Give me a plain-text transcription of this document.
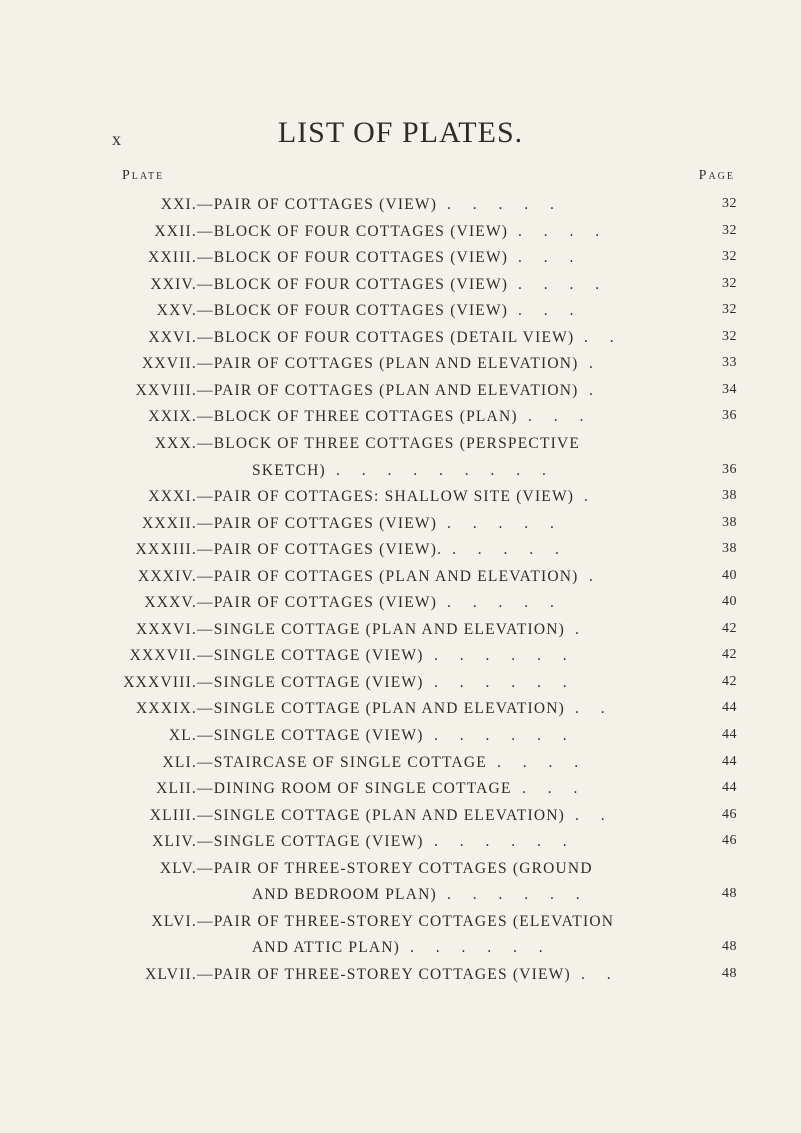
x	LIST OF PLATES.
Plate	Page
XXI. —PAIR OF COTTAGES (VIEW) . . . . .	32
XXII. —BLOCK OF FOUR COTTAGES (VIEW) . . . .	32
XXIII. —BLOCK OF FOUR COTTAGES (VIEW) . . .	32
XXIV. —BLOCK OF FOUR COTTAGES (VIEW) . . . .	32
XXV. —BLOCK OF FOUR COTTAGES (VIEW) . . .	32
XXVI. —BLOCK OF FOUR COTTAGES (DETAIL VIEW) . .	32
XXVII. —PAIR OF COTTAGES (PLAN AND ELEVATION) .	33
XXVIII. —PAIR OF COTTAGES (PLAN AND ELEVATION) .	34
XXIX. —BLOCK OF THREE COTTAGES (PLAN) . . .	36
XXX. —BLOCK OF THREE COTTAGES (PERSPECTIVE
SKETCH) . . . . . . . . .	36
XXXI. —PAIR OF COTTAGES: SHALLOW SITE (VIEW) .	38
XXXII. —PAIR OF COTTAGES (VIEW) . . . . .	38
XXXIII. —PAIR OF COTTAGES (VIEW). . . . . .	38
XXXIV. —PAIR OF COTTAGES (PLAN AND ELEVATION) .	40
XXXV. —PAIR OF COTTAGES (VIEW) . . . . .	40
XXXVI. —SINGLE COTTAGE (PLAN AND ELEVATION) .	42
XXXVII. —SINGLE COTTAGE (VIEW) . . . . . .	42
XXXVIII. —SINGLE COTTAGE (VIEW) . . . . . .	42
XXXIX. —SINGLE COTTAGE (PLAN AND ELEVATION) . .	44
XL. —SINGLE COTTAGE (VIEW) . . . . . .	44
XLI. —STAIRCASE OF SINGLE COTTAGE . . . .	44
XLII. —DINING ROOM OF SINGLE COTTAGE . . .	44
XLIII. —SINGLE COTTAGE (PLAN AND ELEVATION) . .	46
XLIV. —SINGLE COTTAGE (VIEW) . . . . . .	46
XLV. —PAIR OF THREE-STOREY COTTAGES (GROUND
AND BEDROOM PLAN) . . . . . .	48
XLVI. —PAIR OF THREE-STOREY COTTAGES (ELEVATION
AND ATTIC PLAN) . . . . . .	48
XLVII. —PAIR OF THREE-STOREY COTTAGES (VIEW) . .	48
